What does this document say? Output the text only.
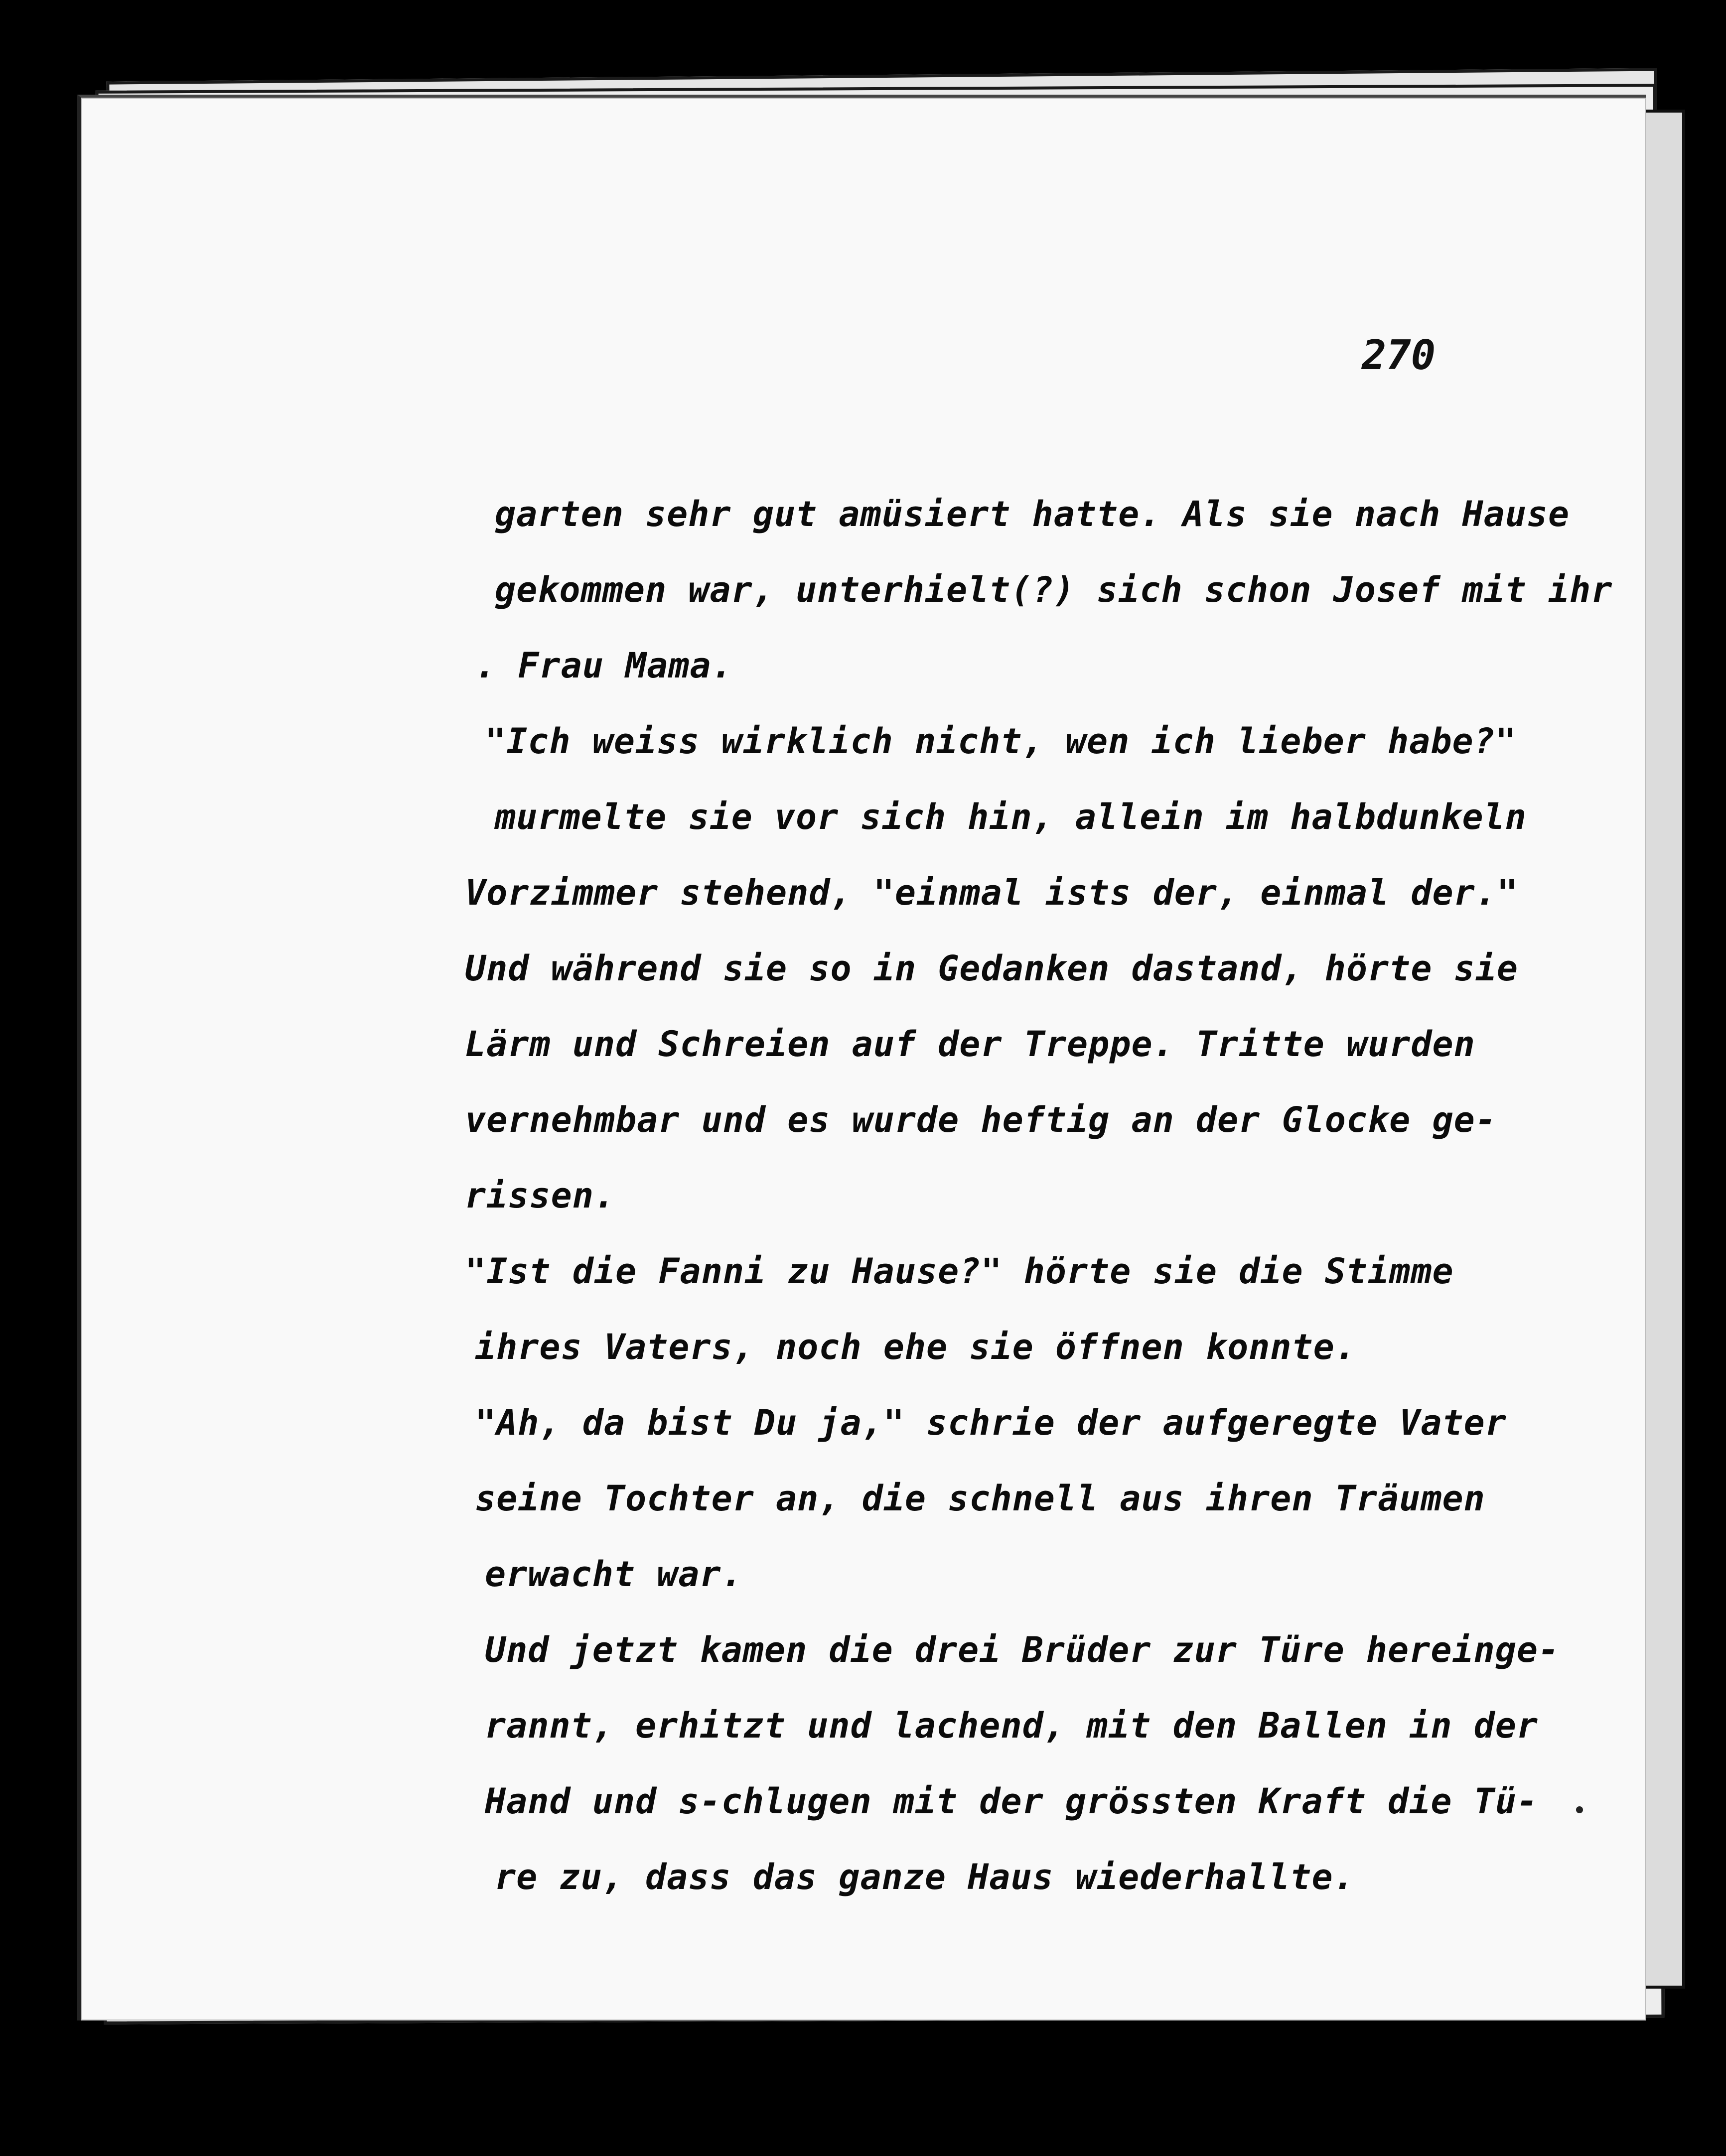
270
garten sehr gut amüsiert hatte. Als sie nach Hause
gekommen war, unterhielt(?) sich schon Josef mit ihr
. Frau Mama.
"Ich weiss wirklich nicht, wen ich lieber habe?"
murmelte sie vor sich hin, allein im halbdunkeln
Vorzimmer stehend, "einmal ists der, einmal der."
Und während sie so in Gedanken dastand, hörte sie
Lärm und Schreien auf der Treppe. Tritte wurden
vernehmbar und es wurde heftig an der Glocke ge-
rissen.
"Ist die Fanni zu Hause?" hörte sie die Stimme
ihres Vaters, noch ehe sie öffnen konnte.
"Ah, da bist Du ja," schrie der aufgeregte Vater
seine Tochter an, die schnell aus ihren Träumen
erwacht war.
Und jetzt kamen die drei Brüder zur Türe hereinge-
rannt, erhitzt und lachend, mit den Ballen in der
Hand und s-chlugen mit der grössten Kraft die Tü-
re zu, dass das ganze Haus wiederhallte.
